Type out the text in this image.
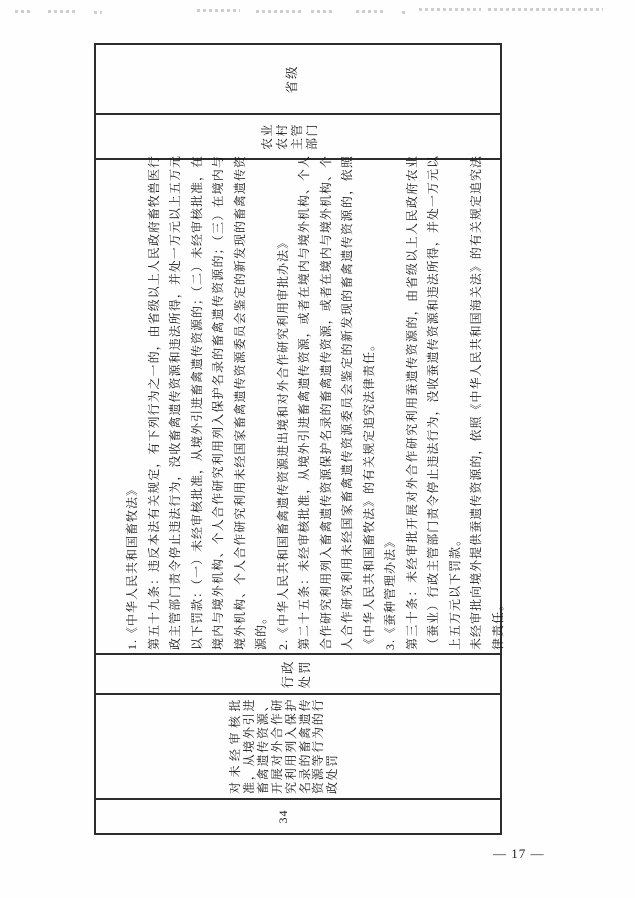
34
对未经审核批准，从境外引进畜禽遗传资源、开展对外合作研究利用列入保护名录的畜禽遗传资源等行为的行政处罚
行政处罚

1.《中华人民共和国畜牧法》 第五十九条：违反本法有关规定，有下列行为之一的，由省级以上人民政府畜牧兽医行政主管部门责令停止违法行为，没收畜禽遗传资源和违法所得，并处一万元以上五万元以下罚款：（一）未经审核批准，从境外引进畜禽遗传资源的；（二）未经审核批准，在境内与境外机构、个人合作研究利用列入保护名录的畜禽遗传资源的；（三）在境内与境外机构、个人合作研究利用未经国家畜禽遗传资源委员会鉴定的新发现的畜禽遗传资源的。 2.《中华人民共和国畜禽遗传资源进出境和对外合作研究利用审批办法》 第二十五条：未经审核批准，从境外引进畜禽遗传资源，或者在境内与境外机构、个人合作研究利用列入畜禽遗传资源保护名录的畜禽遗传资源，或者在境内与境外机构、个人合作研究利用未经国家畜禽遗传资源委员会鉴定的新发现的畜禽遗传资源的，依照《中华人民共和国畜牧法》的有关规定追究法律责任。 3.《蚕种管理办法》 第三十条：未经审批开展对外合作研究利用蚕遗传资源的，由省级以上人民政府农业（蚕业）行政主管部门责令停止违法行为，没收蚕遗传资源和违法所得，并处一万元以上五万元以下罚款。 未经审批向境外提供蚕遗传资源的，依照《中华人民共和国海关法》的有关规定追究法律责任。

农业农村主管部门
省级
— 17 —
